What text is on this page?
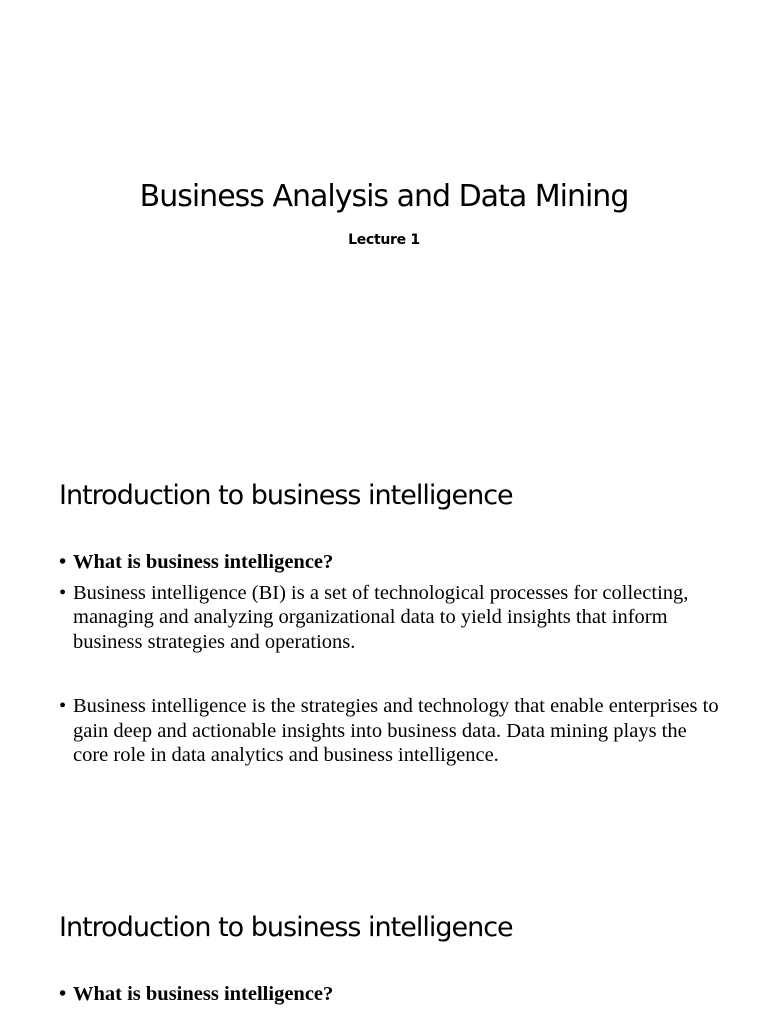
Business Analysis and Data Mining

Lecture 1

Introduction to business intelligence
• What is business intelligence?
• Business intelligence (BI) is a set of technological processes for collecting, managing and analyzing organizational data to yield insights that inform business strategies and operations.
• Business intelligence is the strategies and technology that enable enterprises to gain deep and actionable insights into business data. Data mining plays the core role in data analytics and business intelligence.
Introduction to business intelligence
• What is business intelligence?
